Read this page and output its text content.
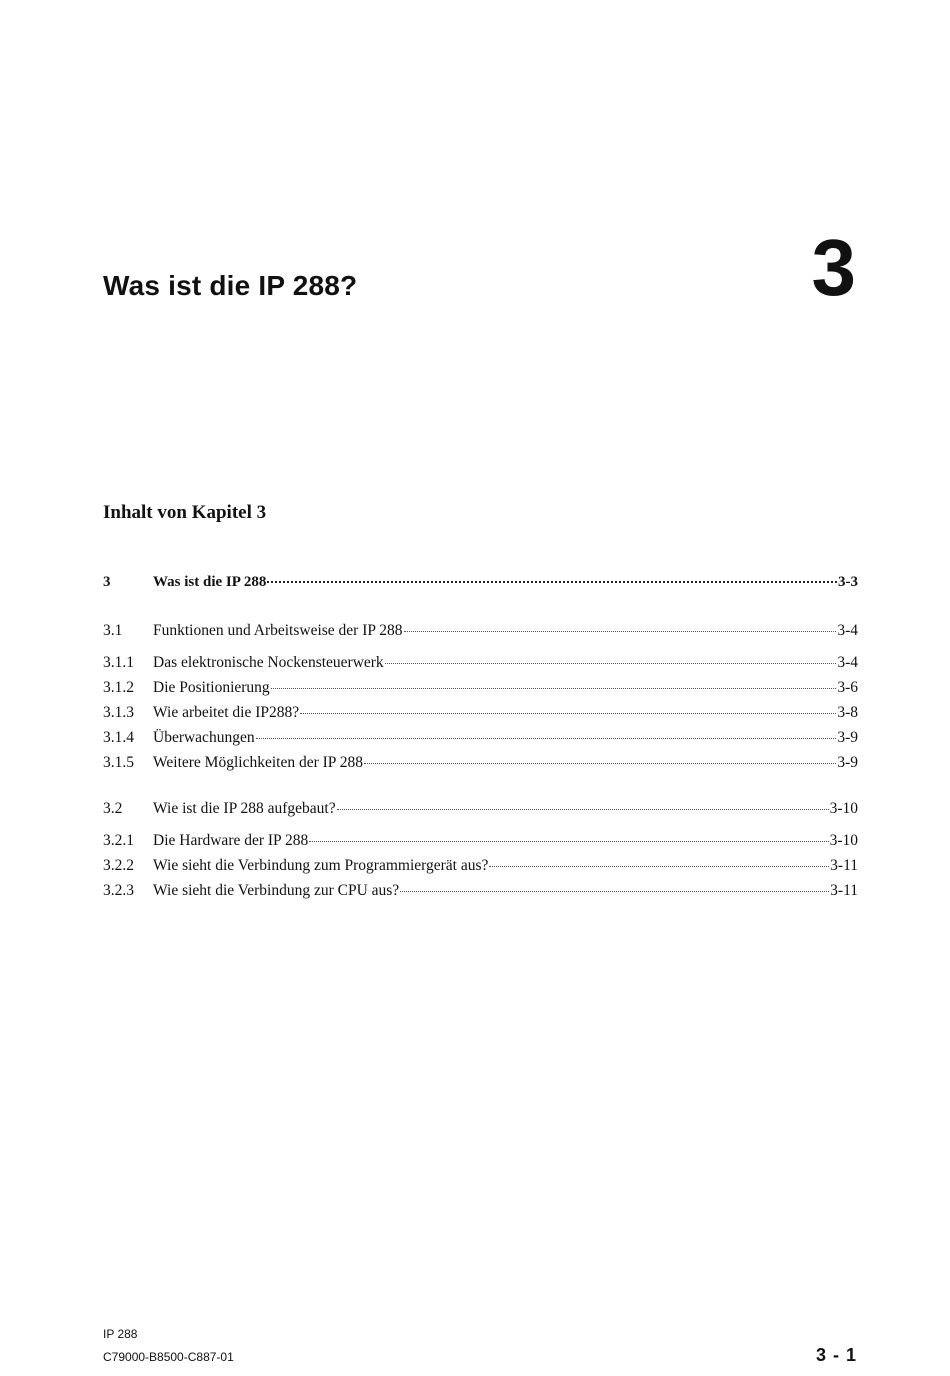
Was ist die IP 288?	3
Inhalt von Kapitel 3
3	Was ist die IP 288	3-3
3.1	Funktionen und Arbeitsweise der IP 288	3-4
3.1.1	Das elektronische Nockensteuerwerk	3-4
3.1.2	Die Positionierung	3-6
3.1.3	Wie arbeitet die IP288?	3-8
3.1.4	Überwachungen	3-9
3.1.5	Weitere Möglichkeiten der IP 288	3-9
3.2	Wie ist die IP 288 aufgebaut?	3-10
3.2.1	Die Hardware der IP 288	3-10
3.2.2	Wie sieht die Verbindung zum Programmiergerät aus?	3-11
3.2.3	Wie sieht die Verbindung zur CPU aus?	3-11
IP 288
C79000-B8500-C887-01	3 - 1
